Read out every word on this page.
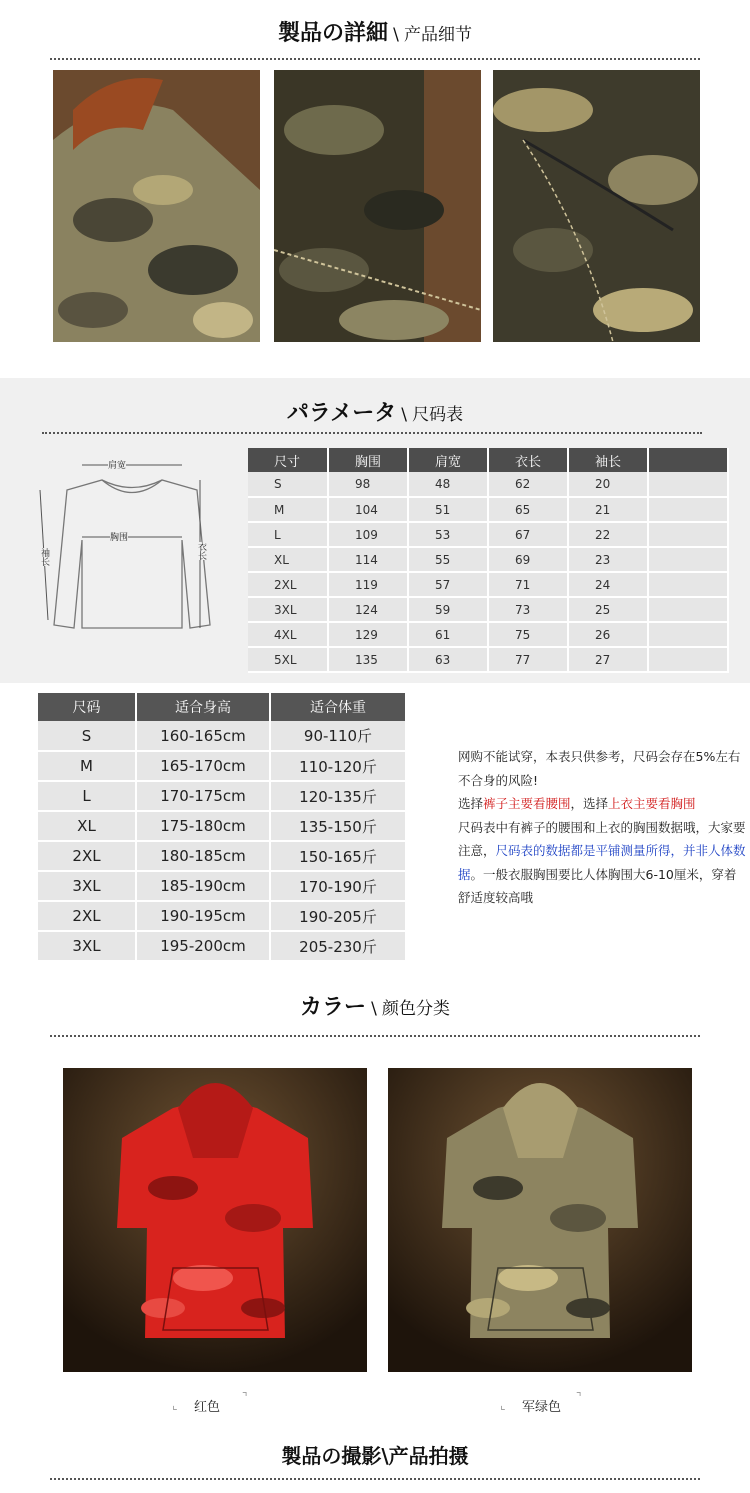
製品の詳細 \ 产品细节
パラメータ \ 尺码表
肩宽
胸围
袖长	衣长
尺寸	胸围	肩宽	衣长	袖长	
S	98	48	62	20	
M	104	51	65	21	
L	109	53	67	22	
XL	114	55	69	23	
2XL	119	57	71	24	
3XL	124	59	73	25	
4XL	129	61	75	26	
5XL	135	63	77	27	
尺码	适合身高	适合体重
S	160-165cm	90-110斤
M	165-170cm	110-120斤
L	170-175cm	120-135斤
XL	175-180cm	135-150斤
2XL	180-185cm	150-165斤
3XL	185-190cm	170-190斤
2XL	190-195cm	190-205斤
3XL	195-200cm	205-230斤
网购不能试穿，本表只供参考，尺码会存在5%左右不合身的风险!
选择裤子主要看腰围，选择上衣主要看胸围
尺码表中有裤子的腰围和上衣的胸围数据哦，大家要注意，尺码表的数据都是平铺测量所得，并非人体数据。一般衣服胸围要比人体胸围大6-10厘米，穿着舒适度较高哦
カラー \ 颜色分类
⌞ 红色
⌝
⌞ 军绿色
⌝
製品の撮影\产品拍摄
